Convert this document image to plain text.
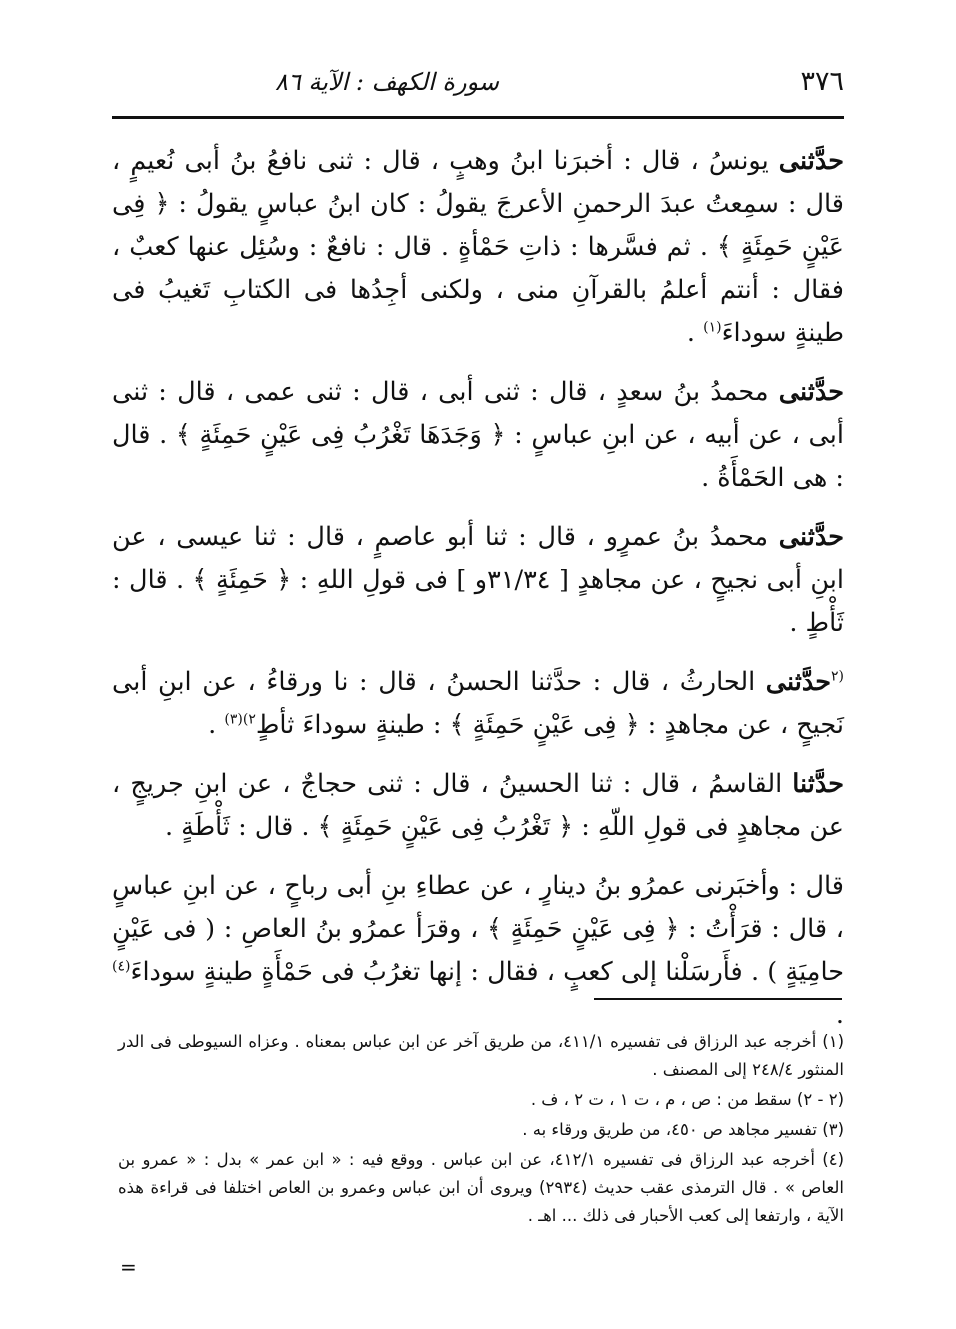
٣٧٦
سورة الكهف : الآية ٨٦

حدَّثنى يونسُ ، قال : أخبرَنا ابنُ وهبٍ ، قال : ثنى نافعُ بنُ أبى نُعيمٍ ، قال : سمِعتُ عبدَ الرحمنِ الأعرجَ يقولُ : كان ابنُ عباسٍ يقولُ : ﴿ فِى عَيْنٍ حَمِئَةٍ ﴾ . ثم فسَّرها : ذاتِ حَمْأةٍ . قال : نافعٌ : وسُئِل عنها كعبٌ ، فقال : أنتم أعلمُ بالقرآنِ منى ، ولكنى أجِدُها فى الكتابِ تَغيبُ فى طينةٍ سوداءَ$^{(١)}$ .

حدَّثنى محمدُ بنُ سعدٍ ، قال : ثنى أبى ، قال : ثنى عمى ، قال : ثنى أبى ، عن أبيه ، عن ابنِ عباسٍ : ﴿ وَجَدَهَا تَغْرُبُ فِى عَيْنٍ حَمِئَةٍ ﴾ . قال : هى الحَمْأَةُ .

حدَّثنى محمدُ بنُ عمرٍو ، قال : ثنا أبو عاصمٍ ، قال : ثنا عيسى ، عن ابنِ أبى نجيحٍ ، عن مجاهدٍ [ ٣١/٣٤و ] فى قولِ اللهِ : ﴿ حَمِئَةٍ ﴾ . قال : ثَأْطٍ .

$^{(٢}$حدَّثنى الحارثُ ، قال : حدَّثنا الحسنُ ، قال : نا ورقاءُ ، عن ابنِ أبى نَجيحٍ ، عن مجاهدٍ : ﴿ فِى عَيْنٍ حَمِئَةٍ ﴾ : طينةٍ سوداءَ ثأطٍ$^{٢)(٣)}$ .

حدَّثنا القاسمُ ، قال : ثنا الحسينُ ، قال : ثنى حجاجٌ ، عن ابنِ جريجٍ ، عن مجاهدٍ فى قولِ اللّهِ : ﴿ تَغْرُبُ فِى عَيْنٍ حَمِئَةٍ ﴾ . قال : ثَأْطَةٍ .

قال : وأخبَرنى عمرُو بنُ دينارٍ ، عن عطاءِ بنِ أبى رباحٍ ، عن ابنِ عباسٍ ، قال : قرَأْتُ : ﴿ فِى عَيْنٍ حَمِئَةٍ ﴾ ، وقرَأ عمرُو بنُ العاصِ : ( فى عَيْنٍ حامِيَةٍ ) . فأَرسَلْنا إلى كعبٍ ، فقال : إنها تغرُبُ فى حَمْأَةٍ طينةٍ سوداءَ$^{(٤)}$ .

(١) أخرجه عبد الرزاق فى تفسيره ٤١١/١، من طريق آخر عن ابن عباس بمعناه . وعزاه السيوطى فى الدر المنثور ٢٤٨/٤ إلى المصنف .

(٢ - ٢) سقط من : ص ، م ، ت ١ ، ت ٢ ، ف .

(٣) تفسير مجاهد ص ٤٥٠، من طريق ورقاء به .

(٤) أخرجه عبد الرزاق فى تفسيره ٤١٢/١، عن ابن عباس . ووقع فيه : « ابن عمر » بدل : « عمرو بن العاص » . قال الترمذى عقب حديث (٢٩٣٤) ويروى أن ابن عباس وعمرو بن العاص اختلفا فى قراءة هذه الآية ، وارتفعا إلى كعب الأحبار فى ذلك ... اهـ .

=
